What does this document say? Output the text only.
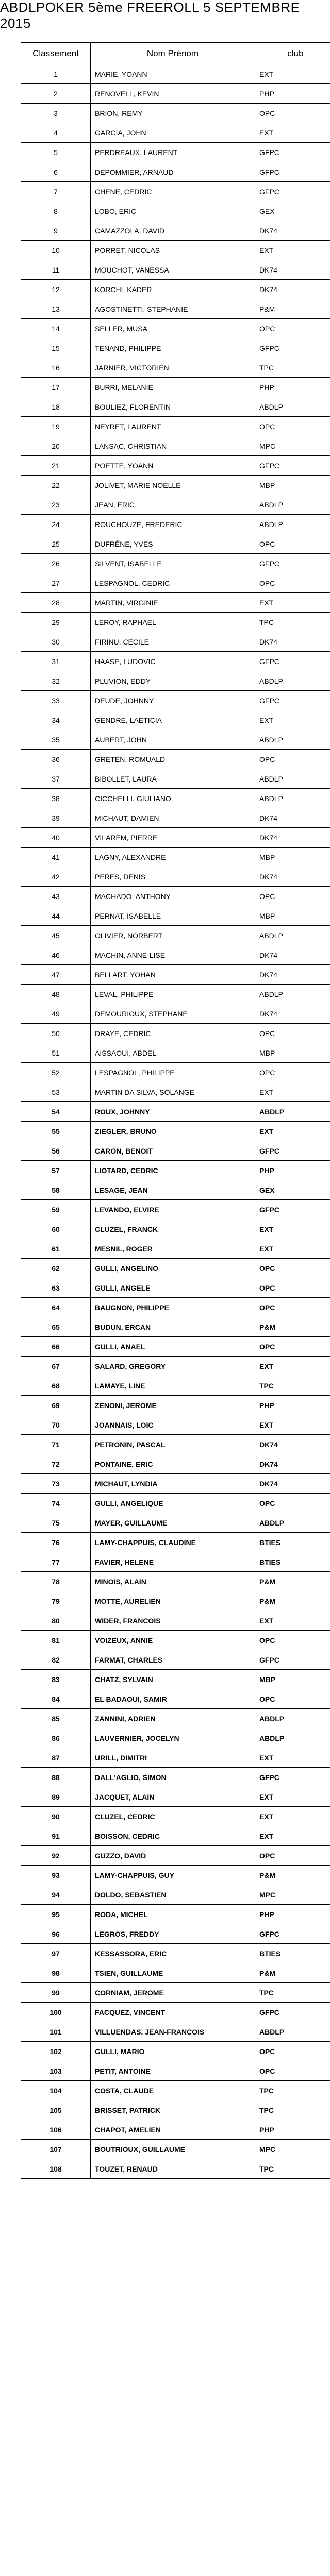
ABDLPOKER 5ème FREEROLL 5 SEPTEMBRE 2015
Classement	Nom Prénom	club
1	MARIE, YOANN	EXT
2	RENOVELL, KEVIN	PHP
3	BRION, REMY	OPC
4	GARCIA, JOHN	EXT
5	PERDREAUX, LAURENT	GFPC
6	DEPOMMIER, ARNAUD	GFPC
7	CHENE, CEDRIC	GFPC
8	LOBO, ERIC	GEX
9	CAMAZZOLA, DAVID	DK74
10	PORRET, NICOLAS	EXT
11	MOUCHOT, VANESSA	DK74
12	KORCHI, KADER	DK74
13	AGOSTINETTI, STEPHANIE	P&M
14	SELLER, MUSA	OPC
15	TENAND, PHILIPPE	GFPC
16	JARNIER, VICTORIEN	TPC
17	BURRI, MELANIE	PHP
18	BOULIEZ, FLORENTIN	ABDLP
19	NEYRET, LAURENT	OPC
20	LANSAC, CHRISTIAN	MPC
21	POETTE, YOANN	GFPC
22	JOLIVET, MARIE NOELLE	MBP
23	JEAN, ERIC	ABDLP
24	ROUCHOUZE, FREDERIC	ABDLP
25	DUFRÊNE, YVES	OPC
26	SILVENT, ISABELLE	GFPC
27	LESPAGNOL, CEDRIC	OPC
28	MARTIN, VIRGINIE	EXT
29	LEROY, RAPHAEL	TPC
30	FIRINU, CECILE	DK74
31	HAASE, LUDOVIC	GFPC
32	PLUVION, EDDY	ABDLP
33	DEUDE, JOHNNY	GFPC
34	GENDRE, LAETICIA	EXT
35	AUBERT, JOHN	ABDLP
36	GRETEN, ROMUALD	OPC
37	BIBOLLET, LAURA	ABDLP
38	CICCHELLI, GIULIANO	ABDLP
39	MICHAUT, DAMIEN	DK74
40	VILAREM, PIERRE	DK74
41	LAGNY, ALEXANDRE	MBP
42	PERES, DENIS	DK74
43	MACHADO, ANTHONY	OPC
44	PERNAT, ISABELLE	MBP
45	OLIVIER, NORBERT	ABDLP
46	MACHIN, ANNE-LISE	DK74
47	BELLART, YOHAN	DK74
48	LEVAL, PHILIPPE	ABDLP
49	DEMOURIOUX, STEPHANE	DK74
50	DRAYE, CEDRIC	OPC
51	AISSAOUI, ABDEL	MBP
52	LESPAGNOL, PHILIPPE	OPC
53	MARTIN DA SILVA, SOLANGE	EXT
54	ROUX, JOHNNY	ABDLP
55	ZIEGLER, BRUNO	EXT
56	CARON, BENOIT	GFPC
57	LIOTARD, CEDRIC	PHP
58	LESAGE, JEAN	GEX
59	LEVANDO, ELVIRE	GFPC
60	CLUZEL, FRANCK	EXT
61	MESNIL, ROGER	EXT
62	GULLI, ANGELINO	OPC
63	GULLI, ANGELE	OPC
64	BAUGNON, PHILIPPE	OPC
65	BUDUN, ERCAN	P&M
66	GULLI, ANAEL	OPC
67	SALARD, GREGORY	EXT
68	LAMAYE, LINE	TPC
69	ZENONI, JEROME	PHP
70	JOANNAIS, LOIC	EXT
71	PETRONIN, PASCAL	DK74
72	PONTAINE, ERIC	DK74
73	MICHAUT, LYNDIA	DK74
74	GULLI, ANGELIQUE	OPC
75	MAYER, GUILLAUME	ABDLP
76	LAMY-CHAPPUIS, CLAUDINE	BTIES
77	FAVIER, HELENE	BTIES
78	MINOIS, ALAIN	P&M
79	MOTTE, AURELIEN	P&M
80	WIDER, FRANCOIS	EXT
81	VOIZEUX, ANNIE	OPC
82	FARMAT, CHARLES	GFPC
83	CHATZ, SYLVAIN	MBP
84	EL BADAOUI, SAMIR	OPC
85	ZANNINI, ADRIEN	ABDLP
86	LAUVERNIER, JOCELYN	ABDLP
87	URILL, DIMITRI	EXT
88	DALL'AGLIO, SIMON	GFPC
89	JACQUET, ALAIN	EXT
90	CLUZEL, CEDRIC	EXT
91	BOISSON, CEDRIC	EXT
92	GUZZO, DAVID	OPC
93	LAMY-CHAPPUIS, GUY	P&M
94	DOLDO, SEBASTIEN	MPC
95	RODA, MICHEL	PHP
96	LEGROS, FREDDY	GFPC
97	KESSASSORA, ERIC	BTIES
98	TSIEN, GUILLAUME	P&M
99	CORNIAM, JEROME	TPC
100	FACQUEZ, VINCENT	GFPC
101	VILLUENDAS, JEAN-FRANCOIS	ABDLP
102	GULLI, MARIO	OPC
103	PETIT, ANTOINE	OPC
104	COSTA, CLAUDE	TPC
105	BRISSET, PATRICK	TPC
106	CHAPOT, AMELIEN	PHP
107	BOUTRIOUX, GUILLAUME	MPC
108	TOUZET, RENAUD	TPC
